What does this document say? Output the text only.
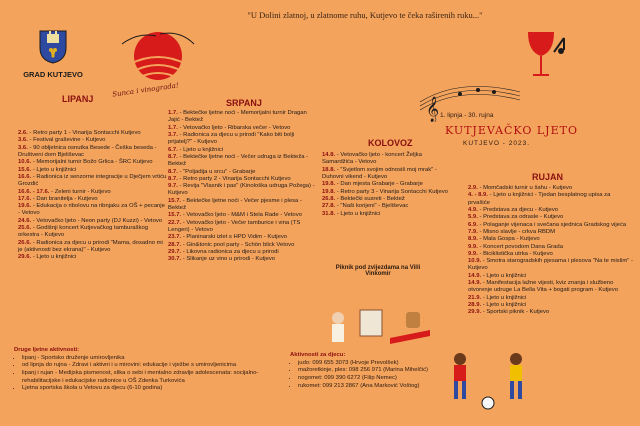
"U Dolini zlatnoj, u zlatnome ruhu, Kutjevo te čeka raširenih ruku..."
GRAD KUTJEVO
Sunca i vinograda!
𝄞 1. lipnja - 30. rujna
KUTJEVAČKO LJETO
KUTJEVO - 2023.
LIPANJ
2.6. - Retro party 1 - Vinarija Sontacchi Kutjevo
3.6. - Festival graševine - Kutjevo
3.6. - 90 obljetnica osnutka Besede - Češka beseda - Društveni dom Bjeliševac
10.6. - Memorijalni turnir Božo Grlica - ŠRC Kutjevo
15.6. - Ljeto u knjižnici
16.6. - Radionica iz senzorne integracije u Dječjem vrtiću Grozdić
16.6. - 17.6. - Zeleni turnir - Kutjevo
17.6. - Dan branitelja - Kutjevo
19.6. - Edukacija o ribolovu na ribnjaku za OŠ + pecanje - Vetovo
24.6. - Vetovačko ljeto - Neon party (DJ Kuzzi) - Vetovo
25.6. - Godišnji koncert Kutjevačkog tamburaškog orkestra - Kutjevo
26.6. - Radionica za djecu u prirodi "Mama, dosadno mi je (aktivnosti bez ekrana)" - Kutjevo
29.6. - Ljeto u knjižnici
SRPANJ
1.7. - Bektečke ljetne noći - Memorijalni turnir Dragan Jajić - Bektež
1.7. - Vetovačko ljeto - Ribarska večer - Vetovo
3.7. - Radionica za djecu u prirodi "Kako biti bolji prijatelj?" - Kutjevo
6.7. - Ljeto u knjižnici
8.7. - Bektečke ljetne noći - Večer udruga iz Bekteža - Bektež
8.7. - "Poljadija u srcu" - Grabarje
8.7. - Retro party 2 - Vinarija Sontacchi Kutjevo
9.7. - Revija "Vlasnik i pas" (Kinološka udruga Požega) - Kutjevo
15.7. - Bektečke ljetne noći - Večer pjesme i plesa - Bektež
15.7. - Vetovačko ljeto - M&M i Stela Rade - Vetovo
22.7. - Vetovačko ljeto - Večer tamburice i vina (TS Lengeri) - Vetovo
23.7. - Planinarski izlet s HPD Vidim - Kutjevo
28.7. - Gin&tonic pool party - Schön blick Vetovo
29.7. - Likovna radionica za djecu u prirodi
30.7. - Slikanje uz vino u prirodi - Kutjevo
KOLOVOZ
14.8. - Vetovačko ljeto - koncert Željka Samardžića - Vetovo
18.8. - "Svjetlom svojim odnosiš moj mrak" - Duhovni vikend - Kutjevo
19.8. - Dan mjesta Grabarje - Grabarje
19.8. - Retro party 3 - Vinarija Sontacchi Kutjevo
26.8. - Bektečki susreti - Bektež
27.8. - "Naši korijeni" - Bjeliševac
31.8. - Ljeto u knjižnici
RUJAN
2.9. - Momčadski turnir u šahu - Kutjevo
4. - 8.9. - Ljeto u knjižnici - Tjedan besplatnog upisa za prvašiće
4.9. - Predstava za djecu - Kutjevo
5.9. - Predstava za odrasle - Kutjevo
6.9. - Polaganje vijenaca i svečana sjednica Gradskog vijeća
7.9. - Misno slavlje - crkva RBDM
8.9. - Mala Gospa - Kutjevo
9.9. - Koncert povodom Dana Grada
9.9. - Biciklistička utrka - Kutjevo
10.9. - Smotra starogradskih pjesama i plesova "Na te mislim" - Kutjevo
14.9. - Ljeto u knjižnici
14.9. - Manifestacija lažne vijesti, kviz znanja i službeno otvorenje udruge La Bella Vita + bogati program - Kutjevo
21.9. - Ljeto u knjižnici
28.9. - Ljeto u knjižnici
29.9. - Sportski piknik - Kutjevo
Piknik pod zvijezdama na Villi Vinkomir
Druge ljetne aktivnosti:
• lipanj - Sportsko druženje umirovljenika
• od lipnja do rujna - Zdravi i aktivni i u mirovini: edukacije i vježbe s umirovljenicima
• lipanj i rujan - Medijska pismenost, slika o sebi i mentalno zdravlje adolescenata: socijalno-rehabilitacijske i edukacijske radionice u OŠ Zdenka Turkovića
• Ljetna sportska škola u Vetovu za djecu (6-10 godina)
Aktivnosti za djecu:
• judo: 099 655 3073 (Hrvoje Prevolšek)
• mažoretkinje, ples: 098 256 971 (Marina Mihelčić)
• nogomet: 099 390 6272 (Filip Nemec)
• rukomet: 099 213 2867 (Ana Marković Voštog)
